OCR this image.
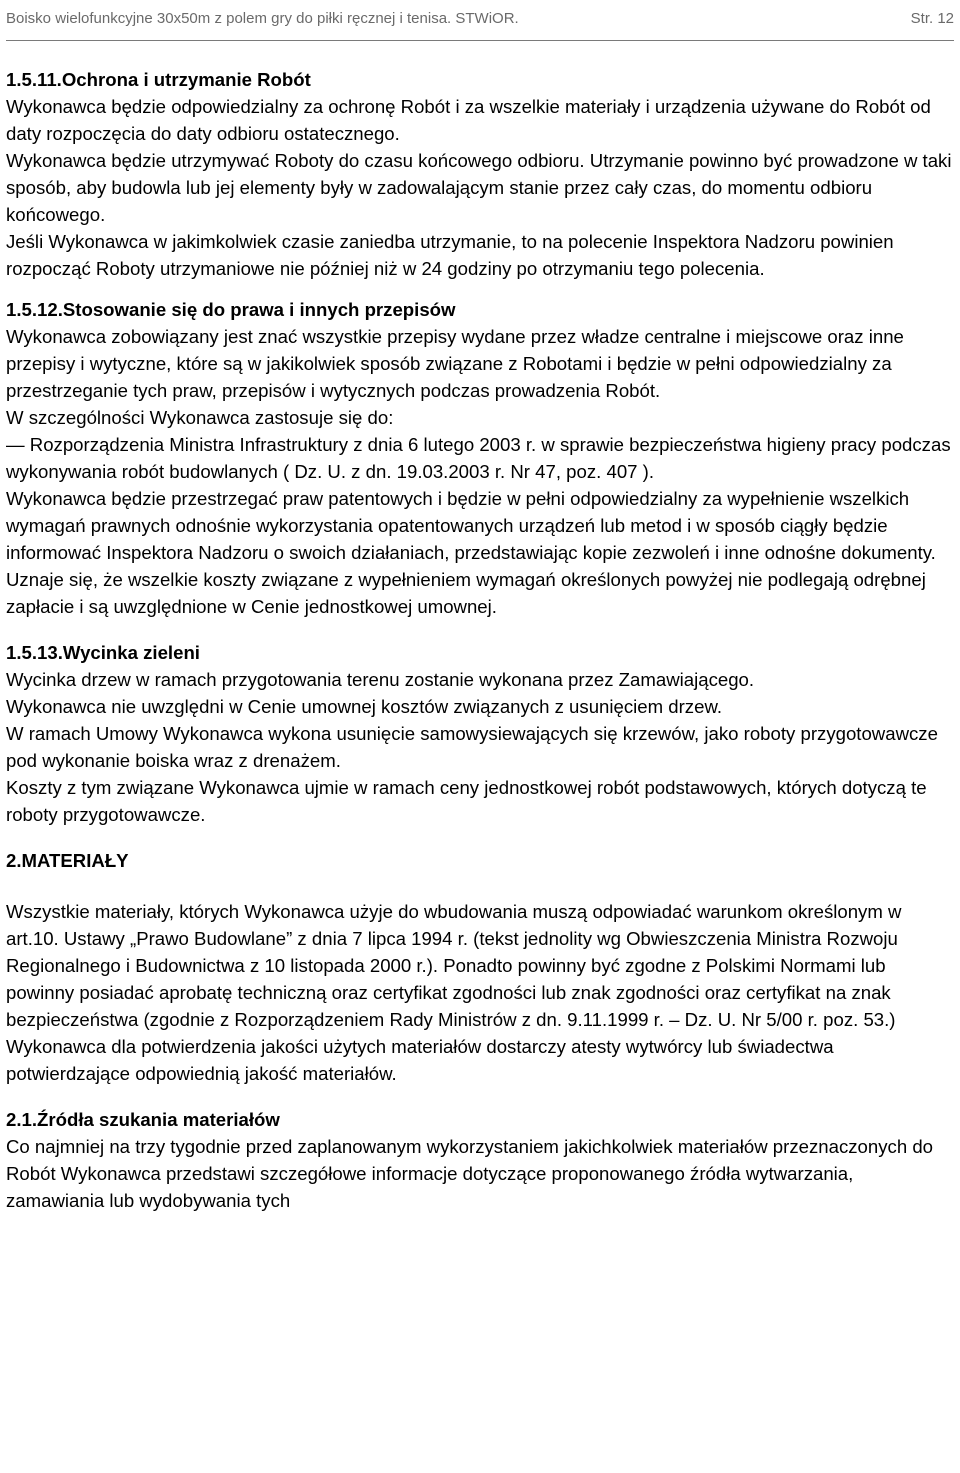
Boisko wielofunkcyjne 30x50m z polem gry do piłki ręcznej i tenisa. STWiOR.	Str. 12
1.5.11.Ochrona i utrzymanie Robót

Wykonawca będzie odpowiedzialny za ochronę Robót i za wszelkie materiały i urządzenia używane do Robót od daty rozpoczęcia do daty odbioru ostatecznego.

Wykonawca będzie utrzymywać Roboty do czasu końcowego odbioru. Utrzymanie powinno być prowadzone w taki sposób, aby budowla lub jej elementy były w zadowalającym stanie przez cały czas, do momentu odbioru końcowego.

Jeśli Wykonawca w jakimkolwiek czasie zaniedba utrzymanie, to na polecenie Inspektora Nadzoru powinien rozpocząć Roboty utrzymaniowe nie później niż w 24 godziny po otrzymaniu tego polecenia.

1.5.12.Stosowanie się do prawa i innych przepisów

Wykonawca zobowiązany jest znać wszystkie przepisy wydane przez władze centralne i miejscowe oraz inne przepisy i wytyczne, które są w jakikolwiek sposób związane z Robotami i będzie w pełni odpowiedzialny za przestrzeganie tych praw, przepisów i wytycznych podczas prowadzenia Robót.

W szczególności Wykonawca zastosuje się do:

— Rozporządzenia Ministra Infrastruktury z dnia 6 lutego 2003 r. w sprawie bezpieczeństwa higieny pracy podczas wykonywania robót budowlanych ( Dz. U. z dn. 19.03.2003 r. Nr 47, poz. 407 ).

Wykonawca będzie przestrzegać praw patentowych i będzie w pełni odpowiedzialny za wypełnienie wszelkich wymagań prawnych odnośnie wykorzystania opatentowanych urządzeń lub metod i w sposób ciągły będzie informować Inspektora Nadzoru o swoich działaniach, przedstawiając kopie zezwoleń i inne odnośne dokumenty.

Uznaje się, że wszelkie koszty związane z wypełnieniem wymagań określonych powyżej nie podlegają odrębnej zapłacie i są uwzględnione w Cenie jednostkowej umownej.

1.5.13.Wycinka zieleni

Wycinka drzew w ramach przygotowania terenu zostanie wykonana przez Zamawiającego.

Wykonawca nie uwzględni w Cenie umownej kosztów związanych z usunięciem drzew.

W ramach Umowy Wykonawca wykona usunięcie samowysiewających się krzewów, jako roboty przygotowawcze pod wykonanie boiska wraz z drenażem.

Koszty z tym związane Wykonawca ujmie w ramach ceny jednostkowej robót podstawowych, których dotyczą te roboty przygotowawcze.

2.MATERIAŁY

Wszystkie materiały, których Wykonawca użyje do wbudowania muszą odpowiadać warunkom określonym w art.10. Ustawy „Prawo Budowlane” z dnia 7 lipca 1994 r. (tekst jednolity wg Obwieszczenia Ministra Rozwoju Regionalnego i Budownictwa z 10 listopada 2000 r.). Ponadto powinny być zgodne z Polskimi Normami lub powinny posiadać aprobatę techniczną oraz certyfikat zgodności lub znak zgodności oraz certyfikat na znak bezpieczeństwa (zgodnie z Rozporządzeniem Rady Ministrów z dn. 9.11.1999 r. – Dz. U. Nr 5/00 r. poz. 53.)

Wykonawca dla potwierdzenia jakości użytych materiałów dostarczy atesty wytwórcy lub świadectwa potwierdzające odpowiednią jakość materiałów.

2.1.Źródła szukania materiałów

Co najmniej na trzy tygodnie przed zaplanowanym wykorzystaniem jakichkolwiek materiałów przeznaczonych do Robót Wykonawca przedstawi szczegółowe informacje dotyczące proponowanego źródła wytwarzania, zamawiania lub wydobywania tych
